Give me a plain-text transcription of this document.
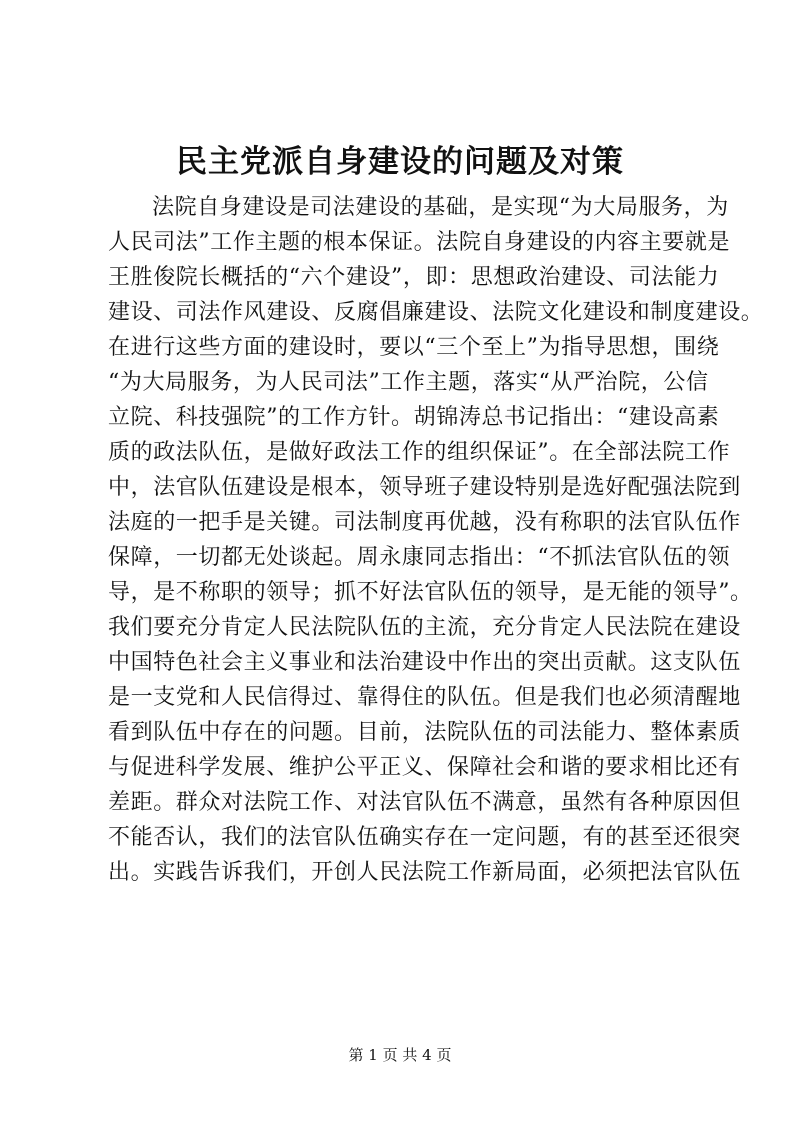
民主党派自身建设的问题及对策
法院自身建设是司法建设的基础，是实现“为大局服务，为
人民司法”工作主题的根本保证。法院自身建设的内容主要就是
王胜俊院长概括的“六个建设”，即：思想政治建设、司法能力
建设、司法作风建设、反腐倡廉建设、法院文化建设和制度建设。
在进行这些方面的建设时，要以“三个至上”为指导思想，围绕
“为大局服务，为人民司法”工作主题，落实“从严治院，公信
立院、科技强院”的工作方针。胡锦涛总书记指出：“建设高素
质的政法队伍，是做好政法工作的组织保证”。在全部法院工作
中，法官队伍建设是根本，领导班子建设特别是选好配强法院到
法庭的一把手是关键。司法制度再优越，没有称职的法官队伍作
保障，一切都无处谈起。周永康同志指出：“不抓法官队伍的领
导，是不称职的领导；抓不好法官队伍的领导，是无能的领导”。
我们要充分肯定人民法院队伍的主流，充分肯定人民法院在建设
中国特色社会主义事业和法治建设中作出的突出贡献。这支队伍
是一支党和人民信得过、靠得住的队伍。但是我们也必须清醒地
看到队伍中存在的问题。目前，法院队伍的司法能力、整体素质
与促进科学发展、维护公平正义、保障社会和谐的要求相比还有
差距。群众对法院工作、对法官队伍不满意，虽然有各种原因但
不能否认，我们的法官队伍确实存在一定问题，有的甚至还很突
出。实践告诉我们，开创人民法院工作新局面，必须把法官队伍
第 1 页 共 4 页
